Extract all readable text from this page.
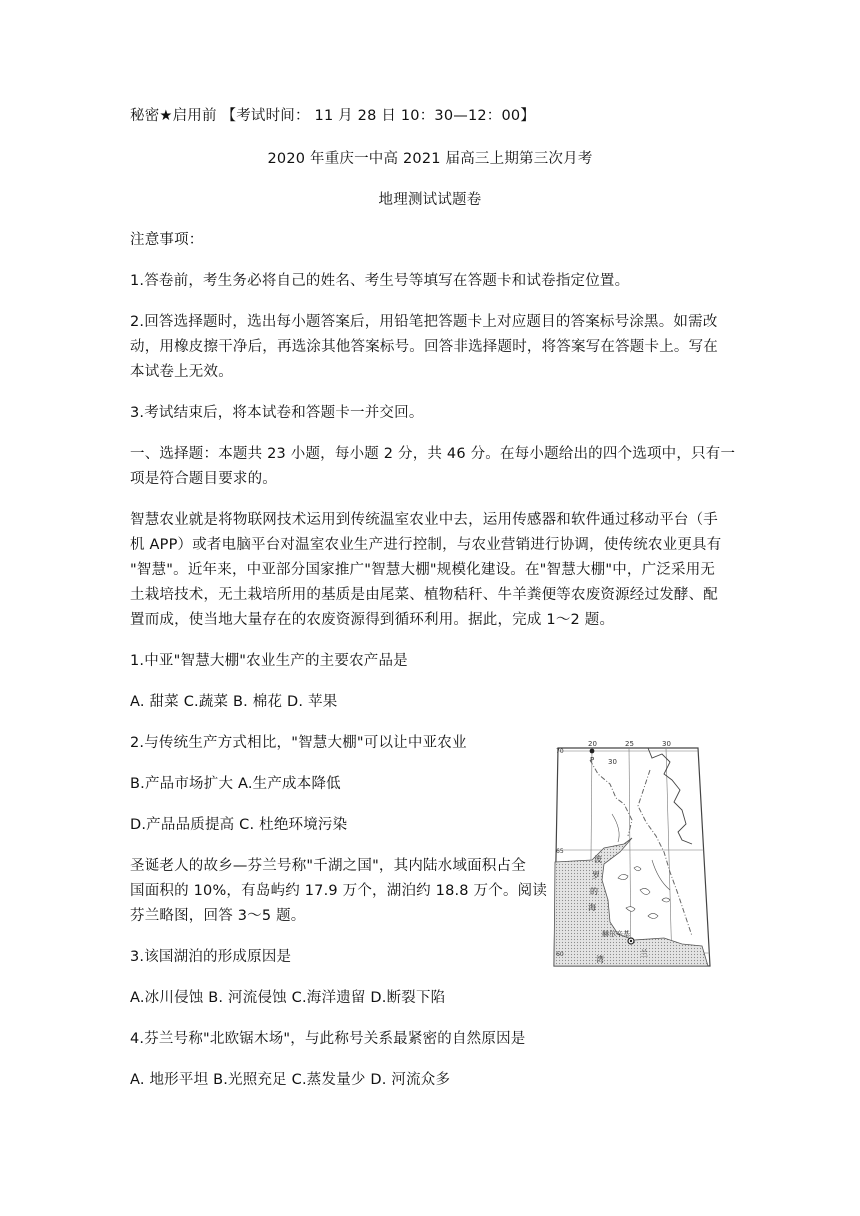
秘密★启用前 【考试时间： 11 月 28 日 10：30—12：00】
2020 年重庆一中高 2021 届高三上期第三次月考
地理测试试题卷
注意事项：
1.答卷前，考生务必将自己的姓名、考生号等填写在答题卡和试卷指定位置。
2.回答选择题时，选出每小题答案后，用铅笔把答题卡上对应题目的答案标号涂黑。如需改
动，用橡皮擦干净后，再选涂其他答案标号。回答非选择题时，将答案写在答题卡上。写在
本试卷上无效。
3.考试结束后，将本试卷和答题卡一并交回。
一、选择题：本题共 23 小题，每小题 2 分，共 46 分。在每小题给出的四个选项中，只有一
项是符合题目要求的。
智慧农业就是将物联网技术运用到传统温室农业中去，运用传感器和软件通过移动平台（手
机 APP）或者电脑平台对温室农业生产进行控制，与农业营销进行协调，使传统农业更具有
"智慧"。近年来，中亚部分国家推广"智慧大棚"规模化建设。在"智慧大棚"中，广泛采用无
土栽培技术，无土栽培所用的基质是由尾菜、植物秸秆、牛羊粪便等农废资源经过发酵、配
置而成，使当地大量存在的农废资源得到循环利用。据此，完成 1～2 题。
1.中亚"智慧大棚"农业生产的主要农产品是
A. 甜菜 C.蔬菜 B. 棉花 D. 苹果
2.与传统生产方式相比，"智慧大棚"可以让中亚农业
B.产品市场扩大 A.生产成本降低
D.产品品质提高 C. 杜绝环境污染
圣诞老人的故乡—芬兰号称"千湖之国"，其内陆水域面积占全
国面积的 10%，有岛屿约 17.9 万个，湖泊约 18.8 万个。阅读
芬兰略图，回答 3～5 题。
3.该国湖泊的形成原因是
A.冰川侵蚀 B. 河流侵蚀 C.海洋遗留 D.断裂下陷
4.芬兰号称"北欧锯木场"，与此称号关系最紧密的自然原因是
A. 地形平坦 B.光照充足 C.蒸发量少 D. 河流众多
20	25	30
70
65
60
30
P
波
罗
的
海
湾
赫尔辛基
兰
